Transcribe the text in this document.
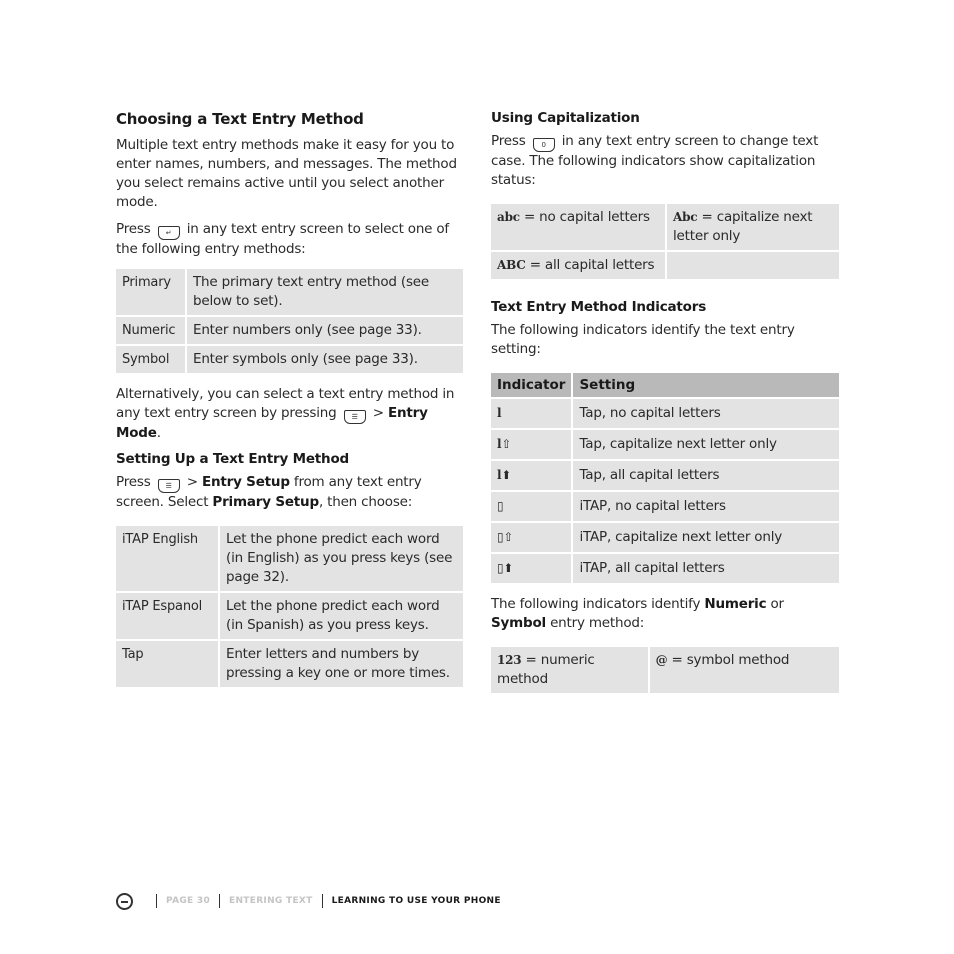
Choosing a Text Entry Method

Multiple text entry methods make it easy for you to enter names, numbers, and messages. The method you select remains active until you select another mode.

Press ↵ in any text entry screen to select one of the following entry methods:

Primary	The primary text entry method (see below to set).
Numeric	Enter numbers only (see page 33).
Symbol	Enter symbols only (see page 33).

Alternatively, you can select a text entry method in any text entry screen by pressing ☰ > Entry Mode.

Setting Up a Text Entry Method

Press ☰ > Entry Setup from any text entry screen. Select Primary Setup, then choose:

iTAP English	Let the phone predict each word (in English) as you press keys (see page 32).
iTAP Espanol	Let the phone predict each word (in Spanish) as you press keys.
Tap	Enter letters and numbers by pressing a key one or more times.
Using Capitalization

Press 0 in any text entry screen to change text case. The following indicators show capitalization status:

abc = no capital letters	Abc = capitalize next letter only
ABC = all capital letters	
Text Entry Method Indicators

The following indicators identify the text entry setting:

Indicator	Setting
l	Tap, no capital letters
l⇧	Tap, capitalize next letter only
l⬆	Tap, all capital letters
▯	iTAP, no capital letters
▯⇧	iTAP, capitalize next letter only
▯⬆	iTAP, all capital letters

The following indicators identify Numeric or Symbol entry method:

123 = numeric method	@ = symbol method
PAGE 30 ENTERING TEXT LEARNING TO USE YOUR PHONE
